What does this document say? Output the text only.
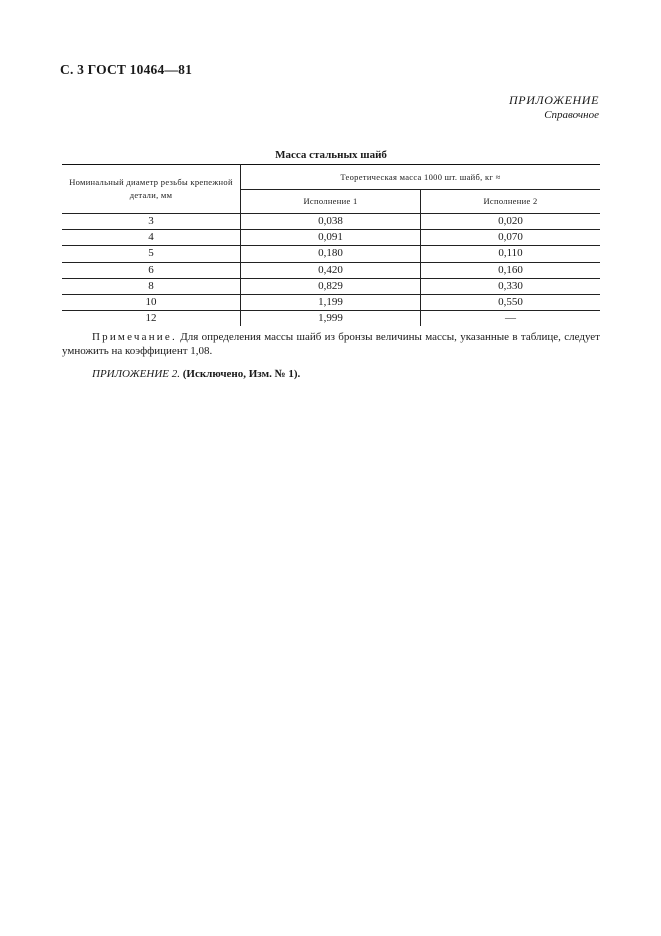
С. 3 ГОСТ 10464—81
ПРИЛОЖЕНИЕ
Справочное
Масса стальных шайб
Номинальный диаметр резьбы крепежной детали, мм	Теоретическая масса 1000 шт. шайб, кг ≈	
	Исполнение 1	Исполнение 2
3	0,038	0,020
4	0,091	0,070
5	0,180	0,110
6	0,420	0,160
8	0,829	0,330
10	1,199	0,550
12	1,999	—
Примечание. Для определения массы шайб из бронзы величины массы, указанные в таблице, следует умножить на коэффициент 1,08.
ПРИЛОЖЕНИЕ 2. (Исключено, Изм. № 1).
